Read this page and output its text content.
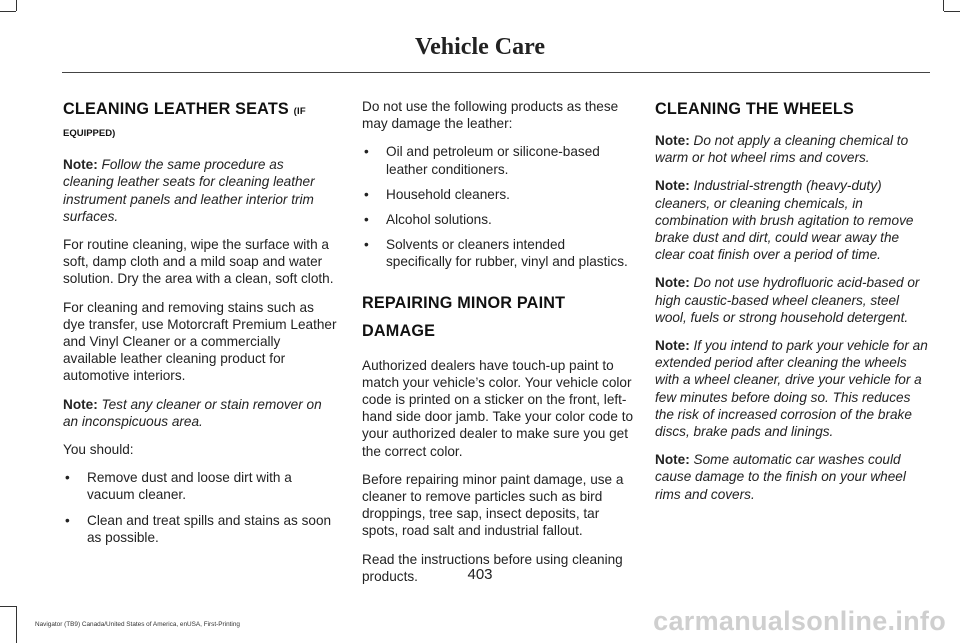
Vehicle Care
CLEANING LEATHER SEATS (IF

EQUIPPED)

Note: Follow the same procedure as cleaning leather seats for cleaning leather instrument panels and leather interior trim surfaces.

For routine cleaning, wipe the surface with a soft, damp cloth and a mild soap and water solution. Dry the area with a clean, soft cloth.

For cleaning and removing stains such as dye transfer, use Motorcraft Premium Leather and Vinyl Cleaner or a commercially available leather cleaning product for automotive interiors.

Note: Test any cleaner or stain remover on an inconspicuous area.

You should:

• Remove dust and loose dirt with a vacuum cleaner.
• Clean and treat spills and stains as soon as possible.

Do not use the following products as these may damage the leather:

• Oil and petroleum or silicone-based leather conditioners.
• Household cleaners.
• Alcohol solutions.
• Solvents or cleaners intended specifically for rubber, vinyl and plastics.
REPAIRING MINOR PAINT
DAMAGE

Authorized dealers have touch-up paint to match your vehicle’s color. Your vehicle color code is printed on a sticker on the front, left-hand side door jamb. Take your color code to your authorized dealer to make sure you get the correct color.

Before repairing minor paint damage, use a cleaner to remove particles such as bird droppings, tree sap, insect deposits, tar spots, road salt and industrial fallout.

Read the instructions before using cleaning products.

CLEANING THE WHEELS

Note: Do not apply a cleaning chemical to warm or hot wheel rims and covers.

Note: Industrial-strength (heavy-duty) cleaners, or cleaning chemicals, in combination with brush agitation to remove brake dust and dirt, could wear away the clear coat finish over a period of time.

Note: Do not use hydrofluoric acid-based or high caustic-based wheel cleaners, steel wool, fuels or strong household detergent.

Note: If you intend to park your vehicle for an extended period after cleaning the wheels with a wheel cleaner, drive your vehicle for a few minutes before doing so. This reduces the risk of increased corrosion of the brake discs, brake pads and linings.

Note: Some automatic car washes could cause damage to the finish on your wheel rims and covers.

403
Navigator (TB9) Canada/United States of America, enUSA, First-Printing	carmanualsonline.info
